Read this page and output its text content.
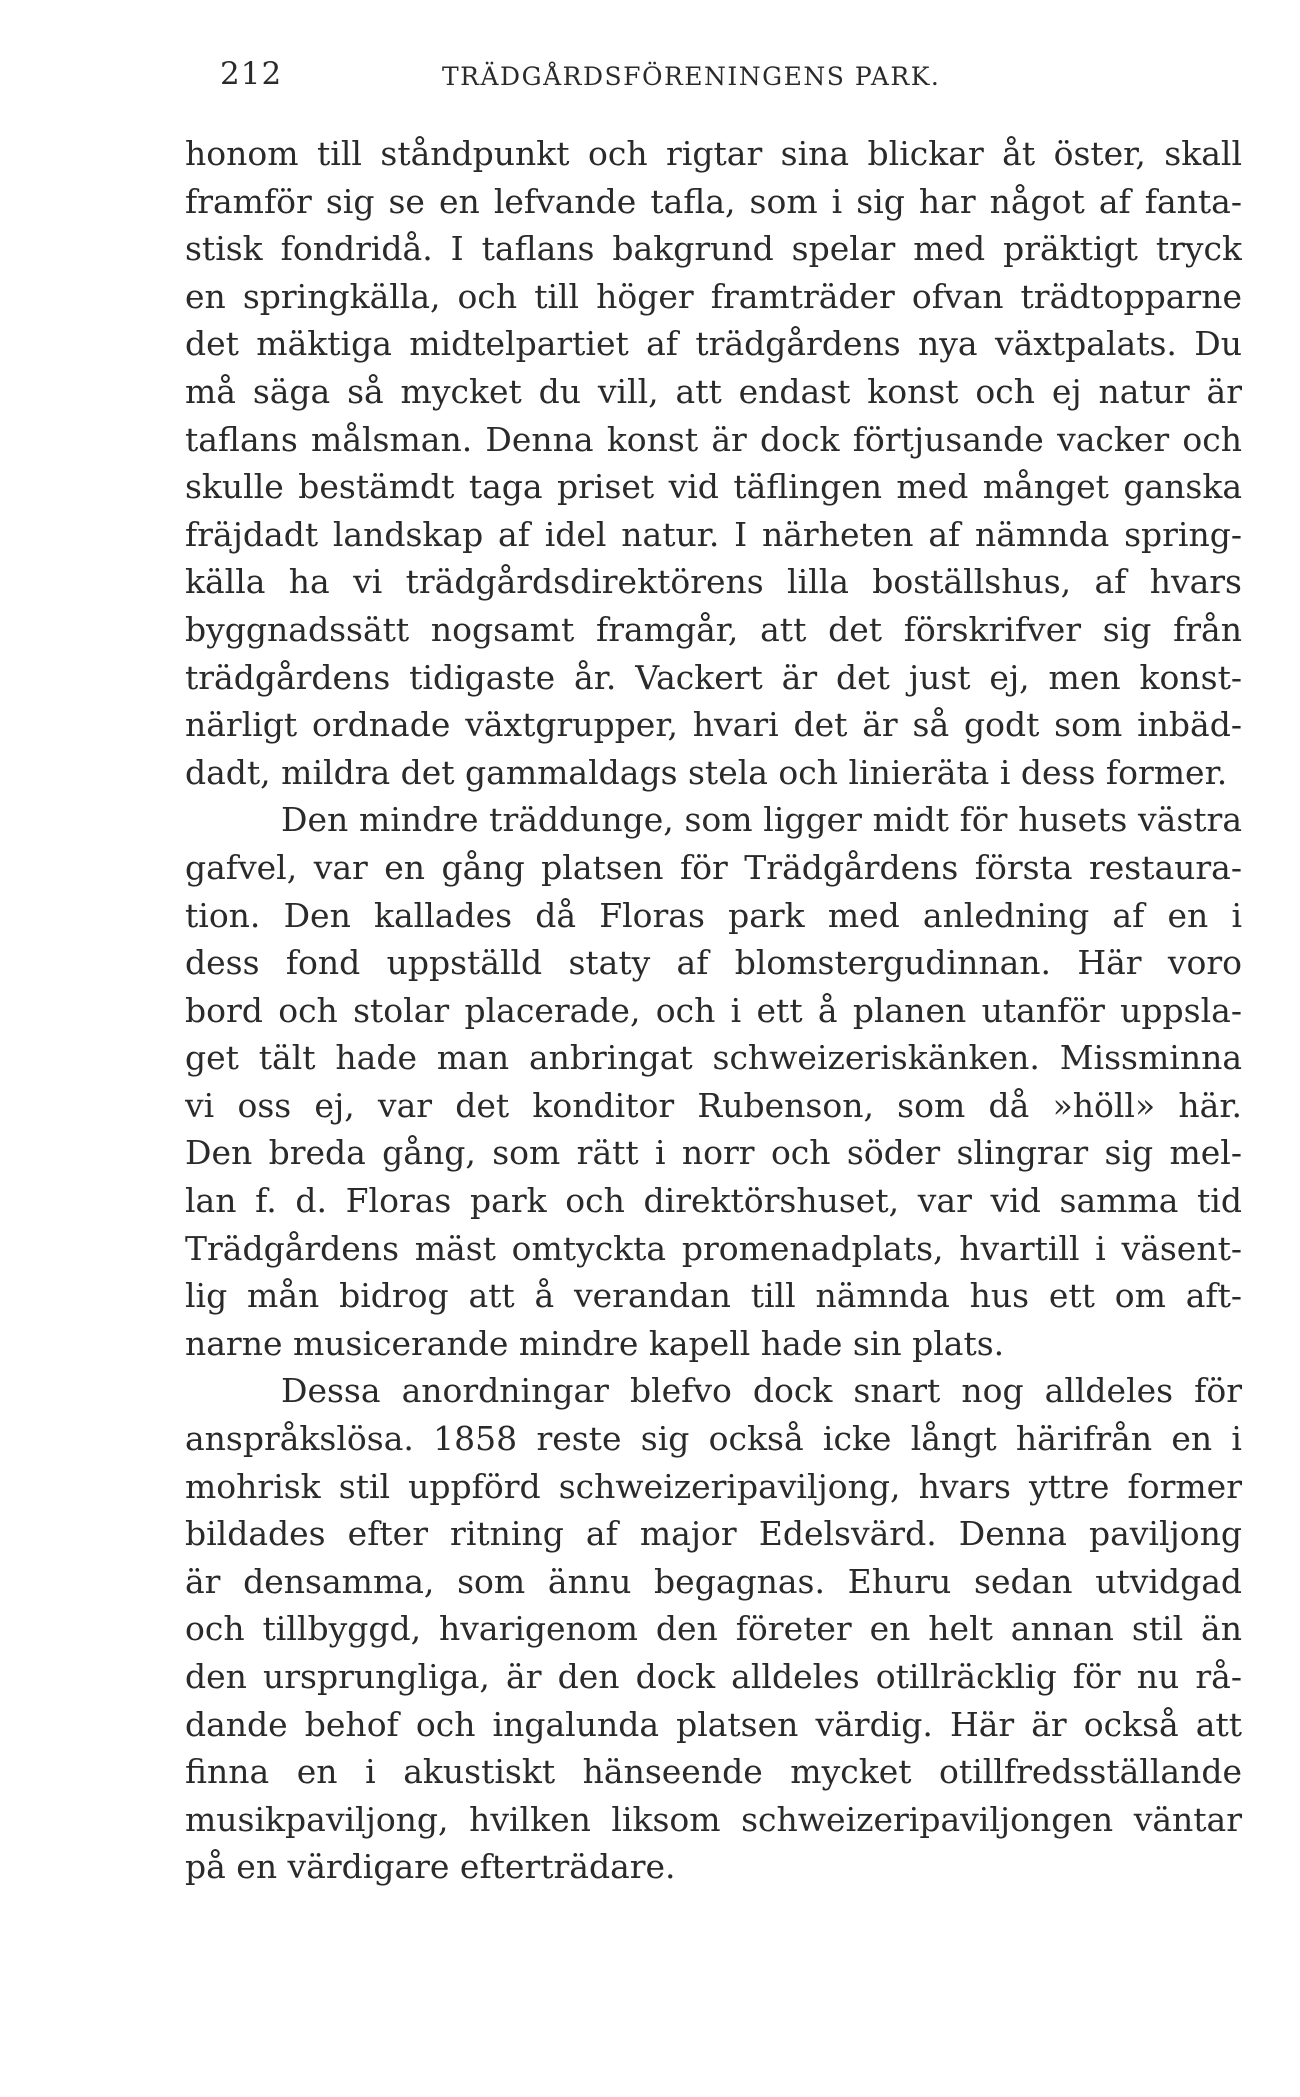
212	TRÄDGÅRDSFÖRENINGENS PARK.
honom till ståndpunkt och rigtar sina blickar åt öster, skall
framför sig se en lefvande tafla, som i sig har något af fanta-
stisk fondridå. I taflans bakgrund spelar med präktigt tryck
en springkälla, och till höger framträder ofvan trädtopparne
det mäktiga midtelpartiet af trädgårdens nya växtpalats. Du
må säga så mycket du vill, att endast konst och ej natur är
taflans målsman. Denna konst är dock förtjusande vacker och
skulle bestämdt taga priset vid täflingen med månget ganska
fräjdadt landskap af idel natur. I närheten af nämnda spring-
källa ha vi trädgårdsdirektörens lilla boställshus, af hvars
byggnadssätt nogsamt framgår, att det förskrifver sig från
trädgårdens tidigaste år. Vackert är det just ej, men konst-
närligt ordnade växtgrupper, hvari det är så godt som inbäd-
dadt, mildra det gammaldags stela och linieräta i dess former.
Den mindre träddunge, som ligger midt för husets västra
gafvel, var en gång platsen för Trädgårdens första restaura-
tion. Den kallades då Floras park med anledning af en i
dess fond uppställd staty af blomstergudinnan. Här voro
bord och stolar placerade, och i ett å planen utanför uppsla-
get tält hade man anbringat schweizeriskänken. Missminna
vi oss ej, var det konditor Rubenson, som då »höll» här.
Den breda gång, som rätt i norr och söder slingrar sig mel-
lan f. d. Floras park och direktörshuset, var vid samma tid
Trädgårdens mäst omtyckta promenadplats, hvartill i väsent-
lig mån bidrog att å verandan till nämnda hus ett om aft-
narne musicerande mindre kapell hade sin plats.
Dessa anordningar blefvo dock snart nog alldeles för
anspråkslösa. 1858 reste sig också icke långt härifrån en i
mohrisk stil uppförd schweizeripaviljong, hvars yttre former
bildades efter ritning af major Edelsvärd. Denna paviljong
är densamma, som ännu begagnas. Ehuru sedan utvidgad
och tillbyggd, hvarigenom den företer en helt annan stil än
den ursprungliga, är den dock alldeles otillräcklig för nu rå-
dande behof och ingalunda platsen värdig. Här är också att
finna en i akustiskt hänseende mycket otillfredsställande
musikpaviljong, hvilken liksom schweizeripaviljongen väntar
på en värdigare efterträdare.
